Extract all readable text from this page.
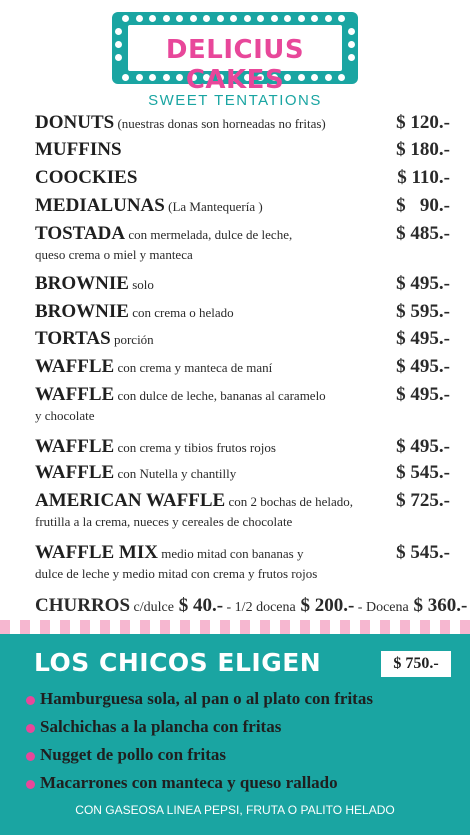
DELICIUS CAKES
SWEET TENTATIONS
DONUTS (nuestras donas son horneadas no fritas)	$ 120.-
MUFFINS	$ 180.-
COOCKIES	$ 110.-
MEDIALUNAS (La Mantequería )	$   90.-
TOSTADA con mermelada, dulce de leche,
queso crema o miel y manteca
$ 485.-
BROWNIE solo	$ 495.-
BROWNIE con crema o helado	$ 595.-
TORTAS porción	$ 495.-
WAFFLE con crema y manteca de maní	$ 495.-
WAFFLE con dulce de leche, bananas al caramelo
y chocolate
$ 495.-
WAFFLE con crema y tibios frutos rojos	$ 495.-
WAFFLE con Nutella y chantilly	$ 545.-
AMERICAN WAFFLE con 2 bochas de helado,
frutilla a la crema, nueces y cereales de chocolate
$ 725.-
WAFFLE MIX medio mitad con bananas y
dulce de leche y medio mitad con crema y frutos rojos
$ 545.-
CHURROS c/dulce $ 40.- - 1/2 docena $ 200.- - Docena $ 360.-
LOS CHICOS ELIGEN	$ 750.-
Hamburguesa sola, al pan o al plato con fritas
Salchichas a la plancha con fritas
Nugget de pollo con fritas
Macarrones con manteca y queso rallado
CON GASEOSA LINEA PEPSI, FRUTA O PALITO HELADO
